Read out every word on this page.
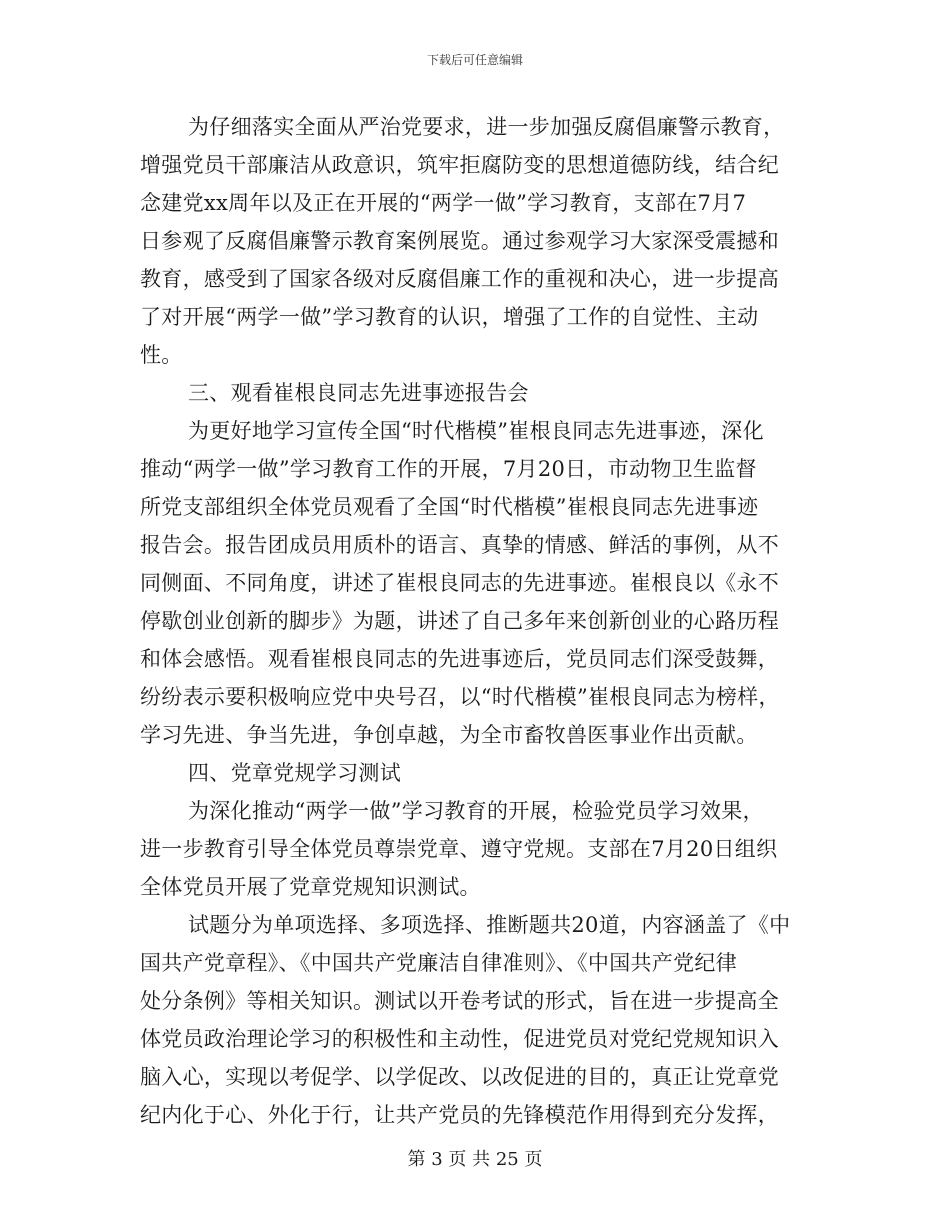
下载后可任意编辑
为仔细落实全面从严治党要求，进一步加强反腐倡廉警示教育，
增强党员干部廉洁从政意识，筑牢拒腐防变的思想道德防线，结合纪
念建党xx周年以及正在开展的“两学一做”学习教育，支部在7月7
日参观了反腐倡廉警示教育案例展览。通过参观学习大家深受震撼和
教育，感受到了国家各级对反腐倡廉工作的重视和决心，进一步提高
了对开展“两学一做”学习教育的认识，增强了工作的自觉性、主动
性。
三、观看崔根良同志先进事迹报告会
为更好地学习宣传全国“时代楷模”崔根良同志先进事迹，深化
推动“两学一做”学习教育工作的开展，7月20日，市动物卫生监督
所党支部组织全体党员观看了全国“时代楷模”崔根良同志先进事迹
报告会。报告团成员用质朴的语言、真挚的情感、鲜活的事例，从不
同侧面、不同角度，讲述了崔根良同志的先进事迹。崔根良以《永不
停歇创业创新的脚步》为题，讲述了自己多年来创新创业的心路历程
和体会感悟。观看崔根良同志的先进事迹后，党员同志们深受鼓舞，
纷纷表示要积极响应党中央号召，以“时代楷模”崔根良同志为榜样，
学习先进、争当先进，争创卓越，为全市畜牧兽医事业作出贡献。
四、党章党规学习测试
为深化推动“两学一做”学习教育的开展，检验党员学习效果，
进一步教育引导全体党员尊崇党章、遵守党规。支部在7月20日组织
全体党员开展了党章党规知识测试。
试题分为单项选择、多项选择、推断题共20道，内容涵盖了《中
国共产党章程》、《中国共产党廉洁自律准则》、《中国共产党纪律
处分条例》等相关知识。测试以开卷考试的形式，旨在进一步提高全
体党员政治理论学习的积极性和主动性，促进党员对党纪党规知识入
脑入心，实现以考促学、以学促改、以改促进的目的，真正让党章党
纪内化于心、外化于行，让共产党员的先锋模范作用得到充分发挥，
第 3 页 共 25 页
